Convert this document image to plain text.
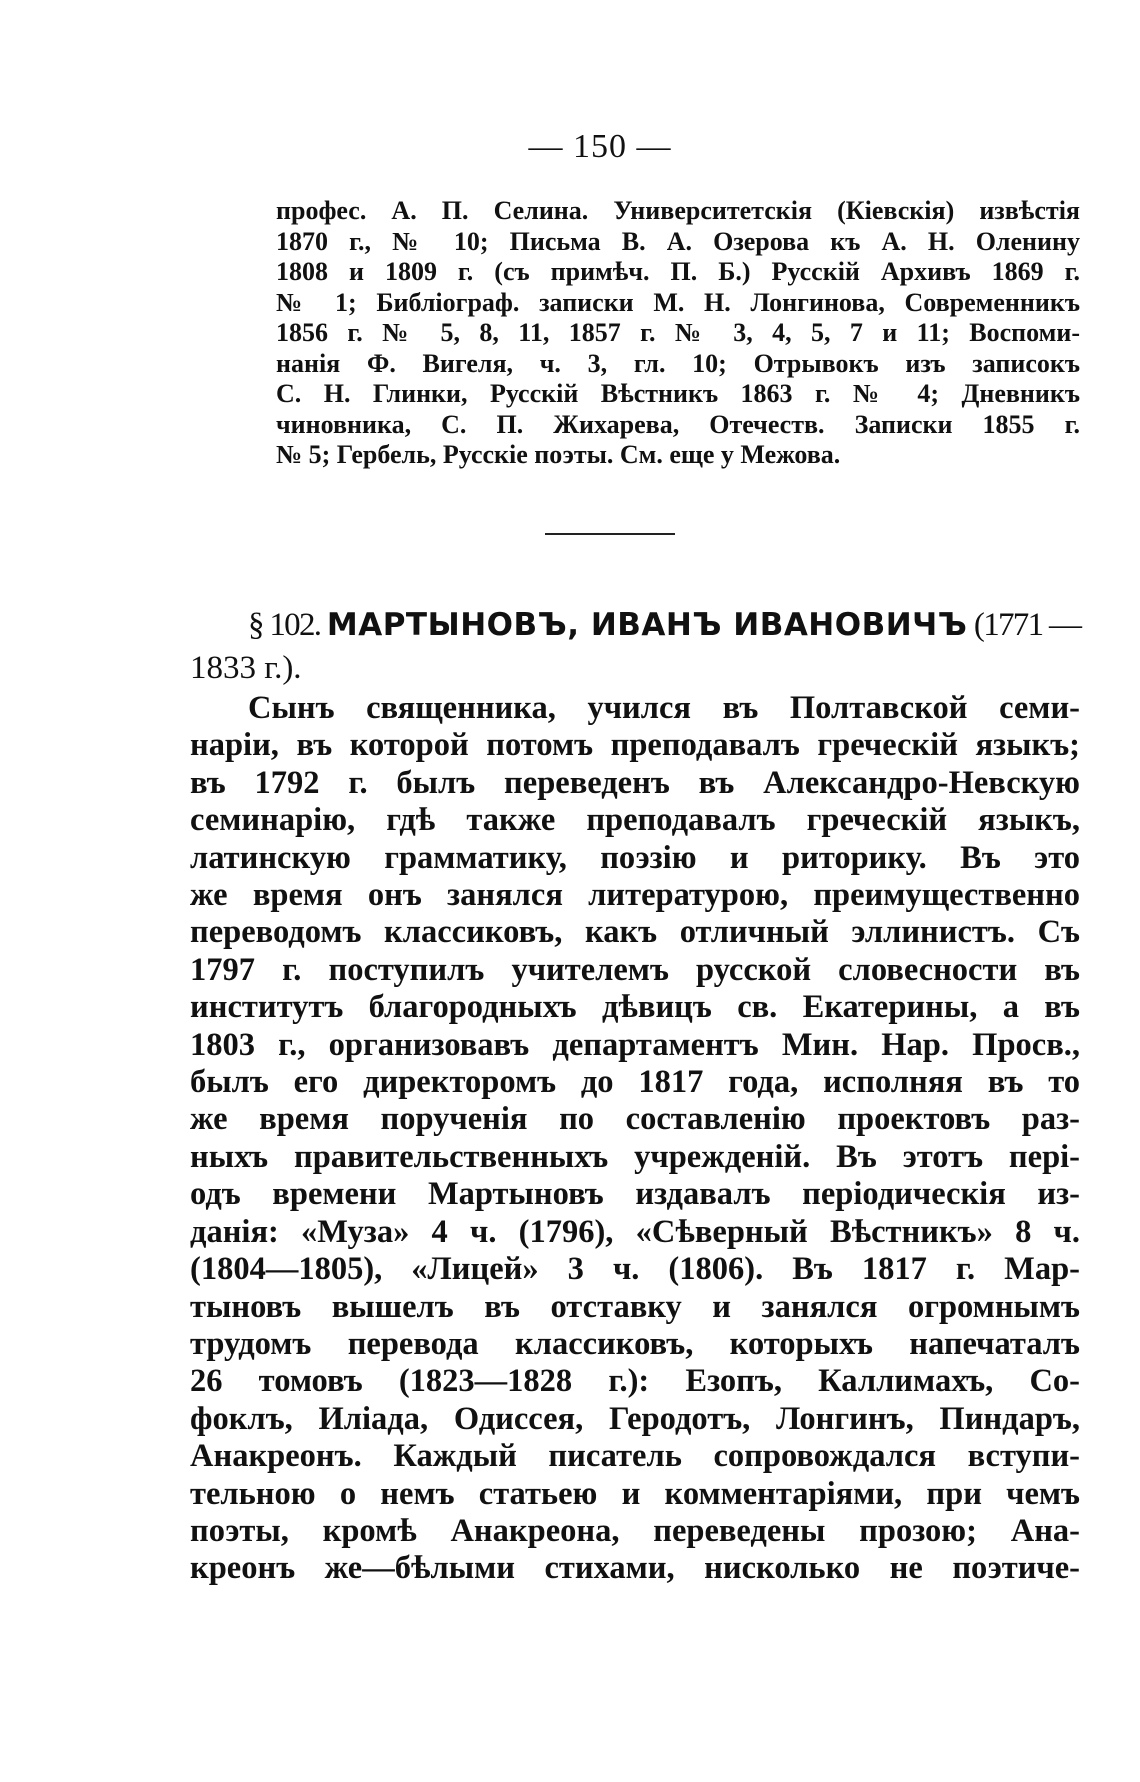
— 150 —
профес. А. П. Селина. Университетскія (Кіевскія) извѣстія
1870 г., № 10; Письма В. А. Озерова къ А. Н. Оленину
1808 и 1809 г. (съ примѣч. П. Б.) Русскій Архивъ 1869 г.
№ 1; Библіограф. записки М. Н. Лонгинова, Современникъ
1856 г. № 5, 8, 11, 1857 г. № 3, 4, 5, 7 и 11; Воспоми-
нанія Ф. Вигеля, ч. 3, гл. 10; Отрывокъ изъ записокъ
С. Н. Глинки, Русскій Вѣстникъ 1863 г. № 4; Дневникъ
чиновника, С. П. Жихарева, Отечеств. Записки 1855 г.
№ 5; Гербель, Русскіе поэты. См. еще у Межова.
§ 102. МАРТЫНОВЪ, ИВАНЪ ИВАНОВИЧЪ (1771 —
1833 г.).
Сынъ священника, учился въ Полтавской семи-
наріи, въ которой потомъ преподавалъ греческій языкъ;
въ 1792 г. былъ переведенъ въ Александро-Невскую
семинарію, гдѣ также преподавалъ греческій языкъ,
латинскую грамматику, поэзію и риторику. Въ это
же время онъ занялся литературою, преимущественно
переводомъ классиковъ, какъ отличный эллинистъ. Съ
1797 г. поступилъ учителемъ русской словесности въ
институтъ благородныхъ дѣвицъ св. Екатерины, а въ
1803 г., организовавъ департаментъ Мин. Нар. Просв.,
былъ его директоромъ до 1817 года, исполняя въ то
же время порученія по составленію проектовъ раз-
ныхъ правительственныхъ учрежденій. Въ этотъ пері-
одъ времени Мартыновъ издавалъ періодическія из-
данія: «Муза» 4 ч. (1796), «Сѣверный Вѣстникъ» 8 ч.
(1804—1805), «Лицей» 3 ч. (1806). Въ 1817 г. Мар-
тыновъ вышелъ въ отставку и занялся огромнымъ
трудомъ перевода классиковъ, которыхъ напечаталъ
26 томовъ (1823—1828 г.): Езопъ, Каллимахъ, Со-
фоклъ, Иліада, Одиссея, Геродотъ, Лонгинъ, Пиндаръ,
Анакреонъ. Каждый писатель сопровождался вступи-
тельною о немъ статьею и комментаріями, при чемъ
поэты, кромѣ Анакреона, переведены прозою; Ана-
креонъ же—бѣлыми стихами, нисколько не поэтиче-
